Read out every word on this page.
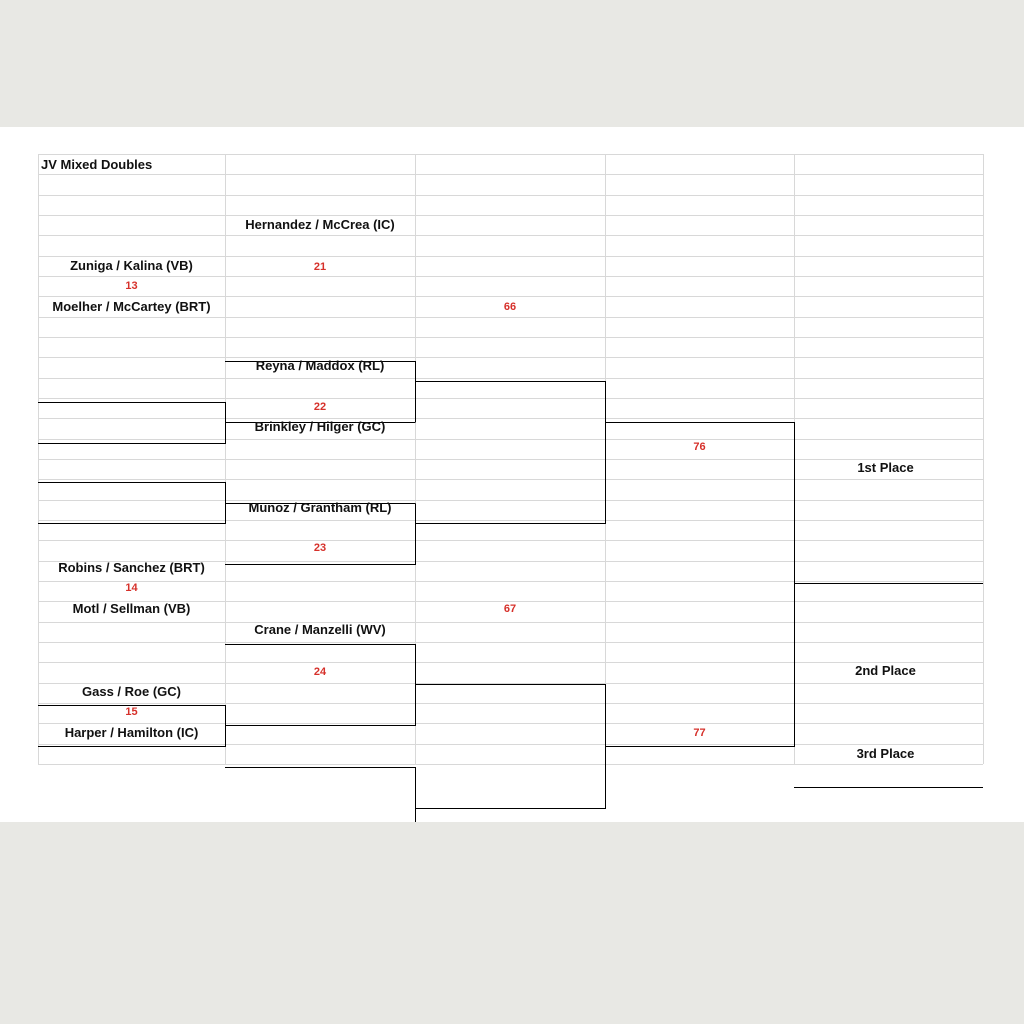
JV Mixed Doubles
Zuniga / Kalina (VB)
13
Moelher / McCartey (BRT)
Robins / Sanchez (BRT)
14
Motl / Sellman (VB)
Gass / Roe (GC)
15
Harper / Hamilton (IC)
Hernandez / McCrea (IC)
21
Reyna / Maddox (RL)
22
Brinkley / Hilger (GC)
Munoz / Grantham (RL)
23
Crane / Manzelli (WV)
24
66
67
76
77
1st Place
2nd Place
3rd Place
